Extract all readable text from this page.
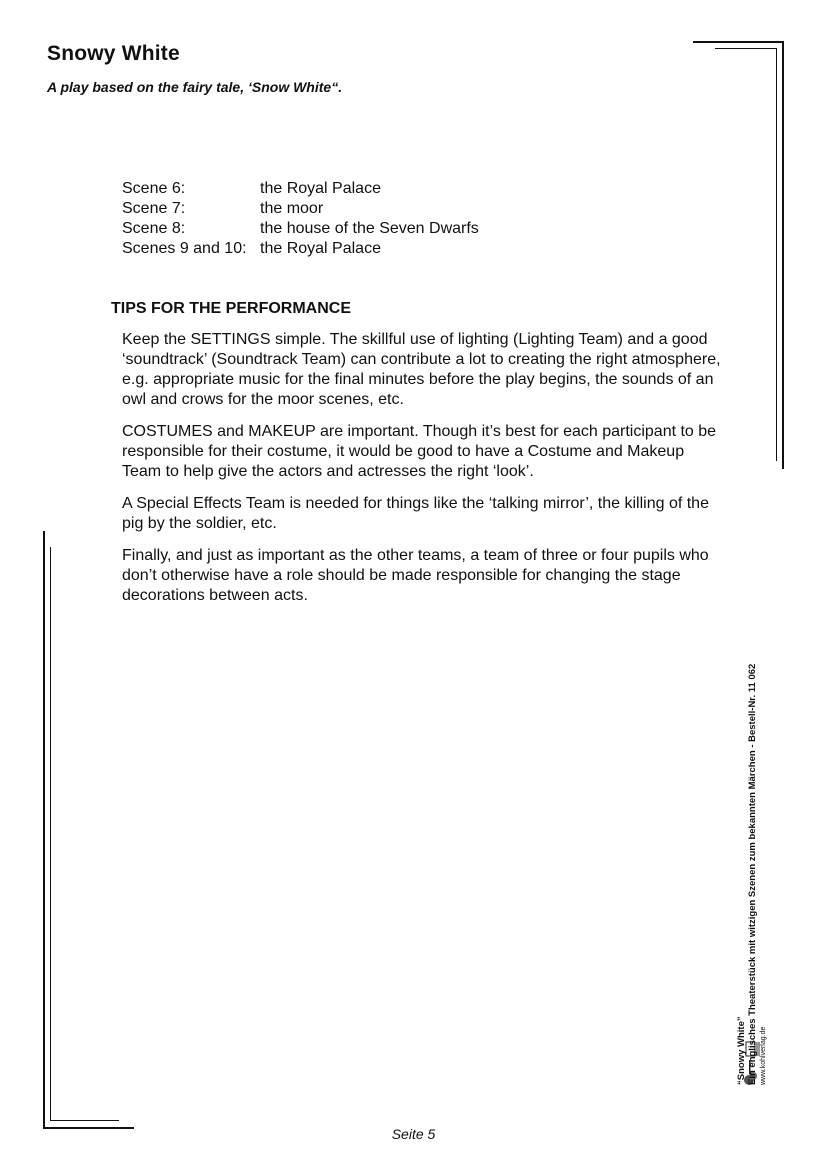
Snowy White
A play based on the fairy tale, ‘Snow White“.
Scene 6:	the Royal Palace
Scene 7:	the moor
Scene 8:	the house of the Seven Dwarfs
Scenes 9 and 10: the Royal Palace
TIPS FOR THE PERFORMANCE

Keep the SETTINGS simple. The skillful use of lighting (Lighting Team) and a good ‘soundtrack’ (Soundtrack Team) can contribute a lot to creating the right atmosphere, e.g. appropriate music for the final minutes before the play begins, the sounds of an owl and crows for the moor scenes, etc.

COSTUMES and MAKEUP are important. Though it’s best for each participant to be responsible for their costume, it would be good to have a Costume and Makeup Team to help give the actors and actresses the right ‘look’.

A Special Effects Team is needed for things like the ‘talking mirror’, the killing of the pig by the soldier, etc.

Finally, and just as important as the other teams, a team of three or four pupils who don’t otherwise have a role should be made responsible for changing the stage decorations between acts.

“Snowy White” Ein englisches Theaterstück mit witzigen Szenen zum bekannten Märchen - Bestell-Nr. 11 062 www.kohlverlag.de
Seite 5
